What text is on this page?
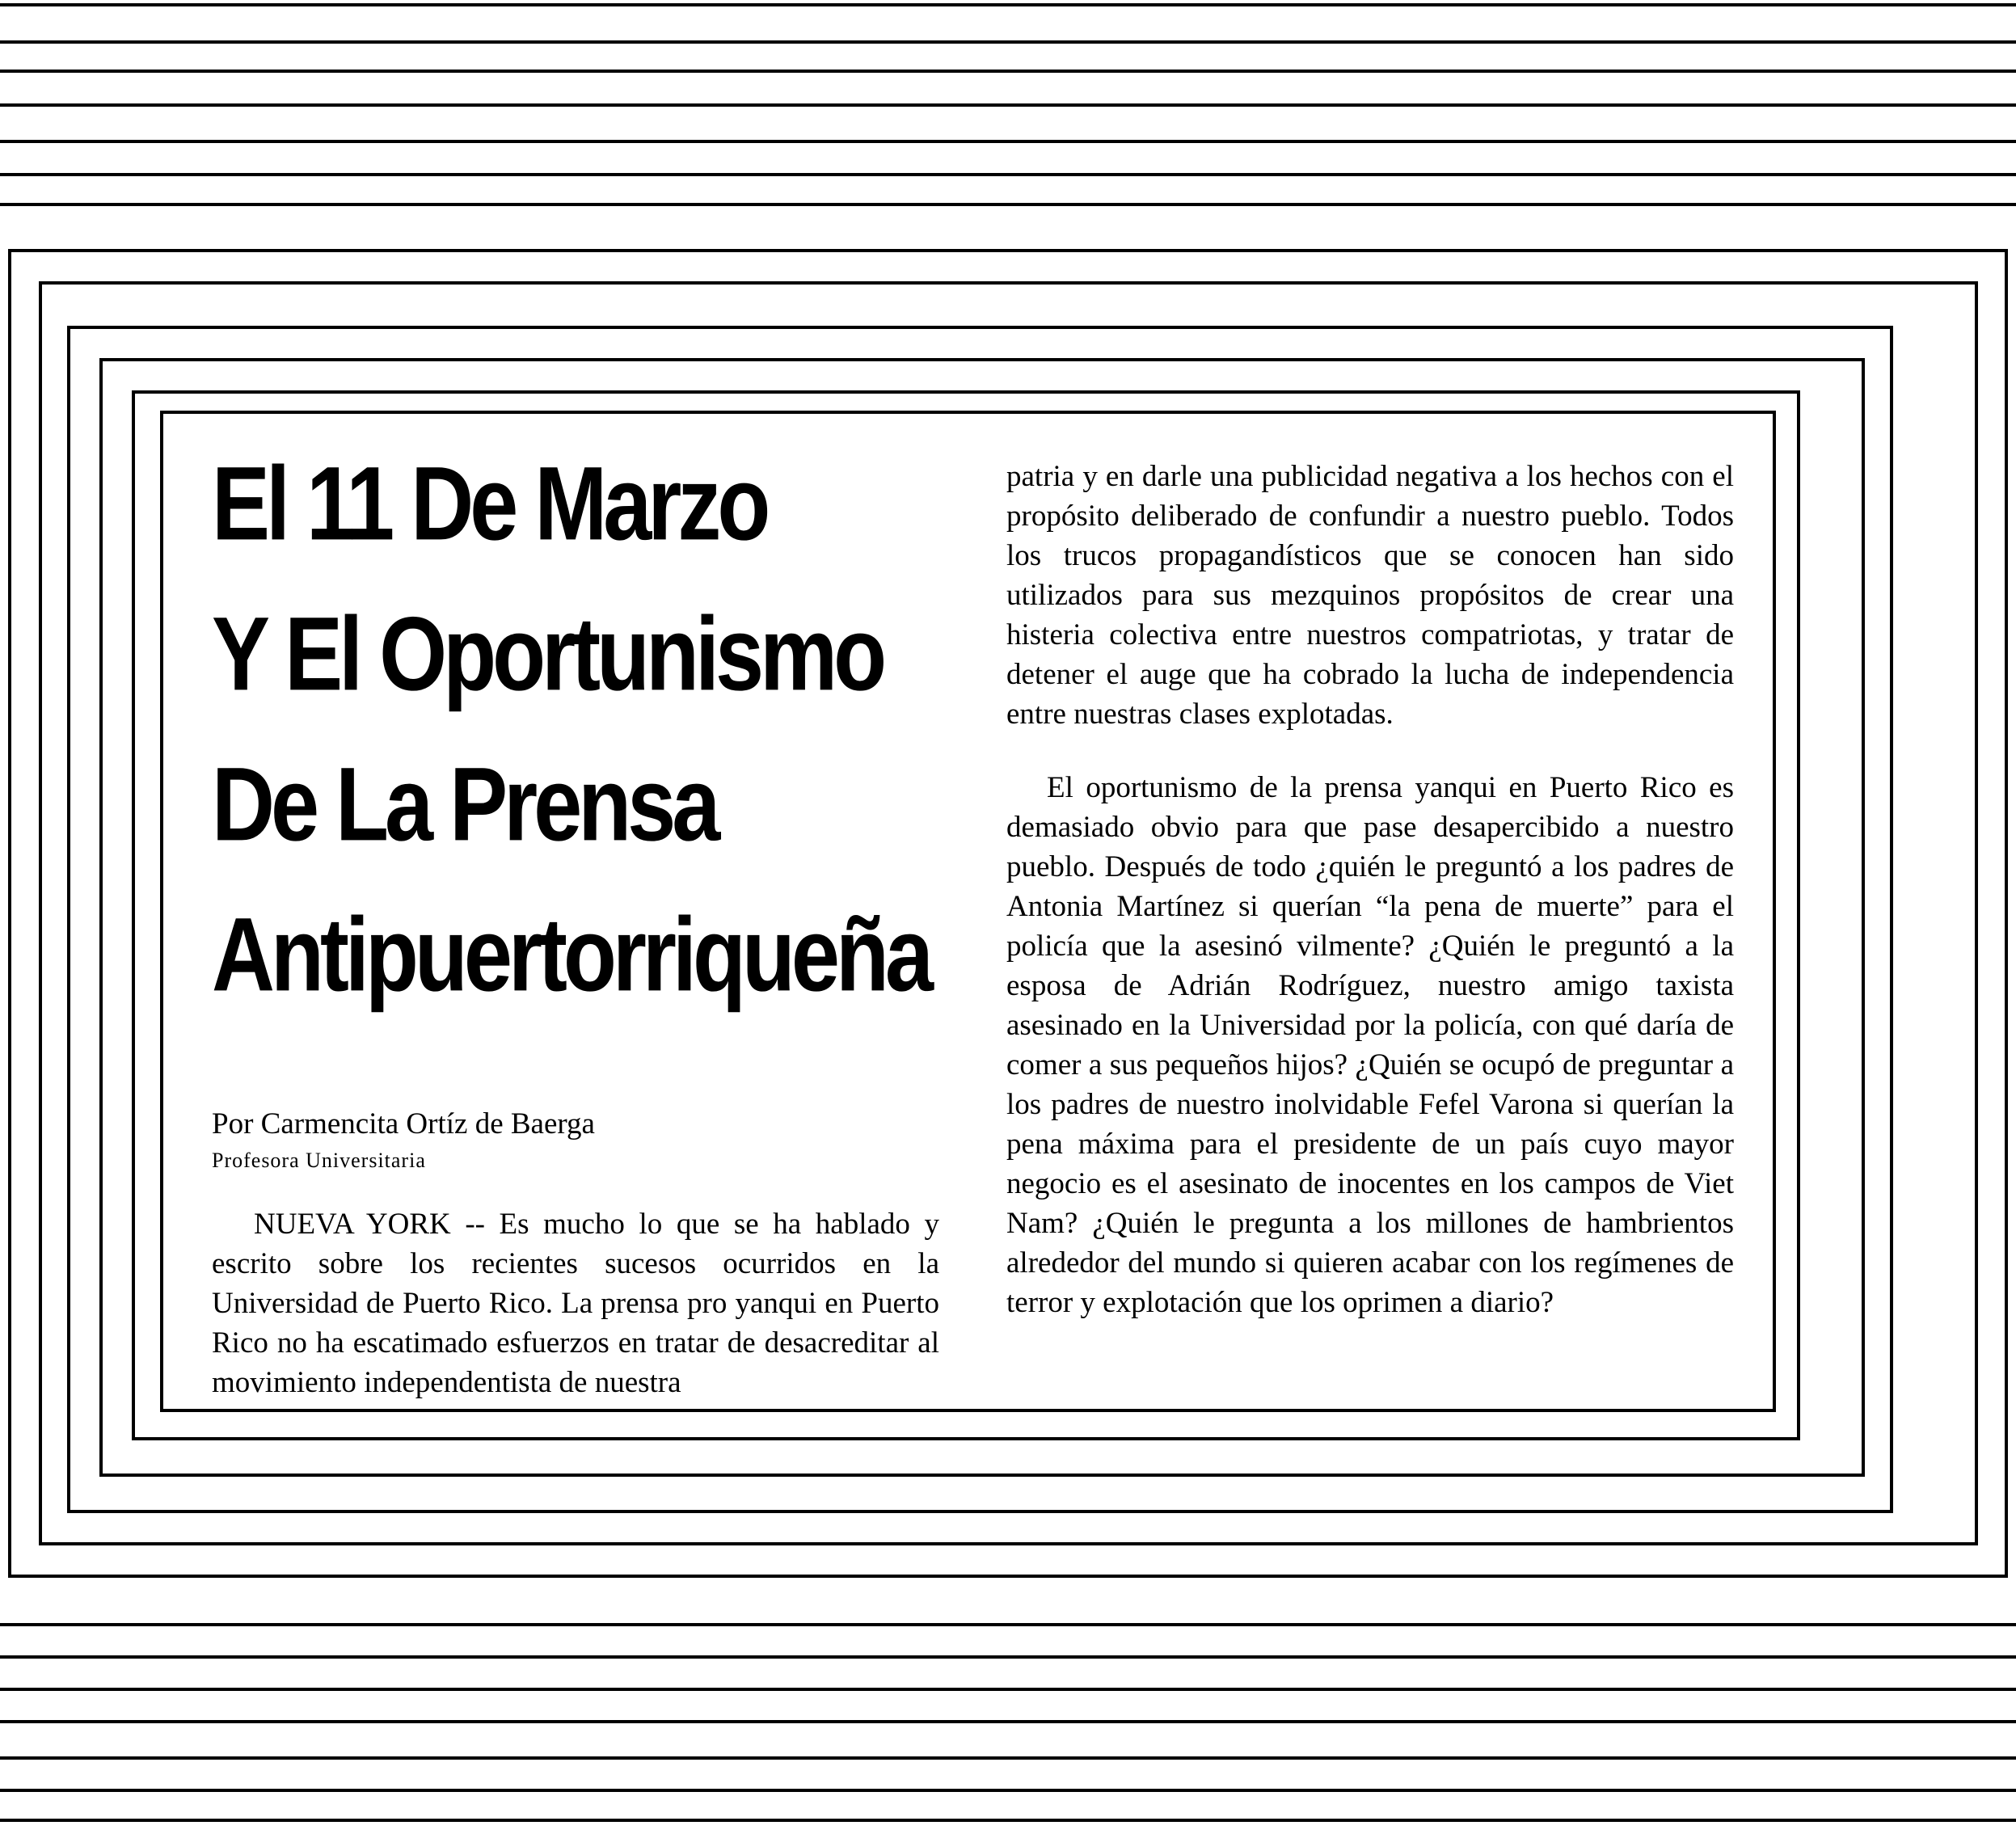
El 11 De Marzo
Y El Oportunismo
De La Prensa
Antipuertorriqueña
Por Carmencita Ortíz de Baerga
Profesora Universitaria

NUEVA YORK -- Es mucho lo que se ha hablado y escrito sobre los recientes sucesos ocurridos en la Universidad de Puerto Rico. La prensa pro yanqui en Puerto Rico no ha escatimado esfuerzos en tratar de desacreditar al movimiento independentista de nuestra

patria y en darle una publicidad negativa a los hechos con el propósito deliberado de confundir a nuestro pueblo. Todos los trucos propagandísticos que se conocen han sido utilizados para sus mezquinos propósitos de crear una histeria colectiva entre nuestros compatriotas, y tratar de detener el auge que ha cobrado la lucha de independencia entre nuestras clases explotadas.

El oportunismo de la prensa yanqui en Puerto Rico es demasiado obvio para que pase desapercibido a nuestro pueblo. Después de todo ¿quién le preguntó a los padres de Antonia Martínez si querían “la pena de muerte” para el policía que la asesinó vilmente? ¿Quién le preguntó a la esposa de Adrián Rodríguez, nuestro amigo taxista asesinado en la Universidad por la policía, con qué daría de comer a sus pequeños hijos? ¿Quién se ocupó de preguntar a los padres de nuestro inolvidable Fefel Varona si querían la pena máxima para el presidente de un país cuyo mayor negocio es el asesinato de inocentes en los campos de Viet Nam? ¿Quién le pregunta a los millones de hambrientos alrededor del mundo si quieren acabar con los regímenes de terror y explotación que los oprimen a diario?
